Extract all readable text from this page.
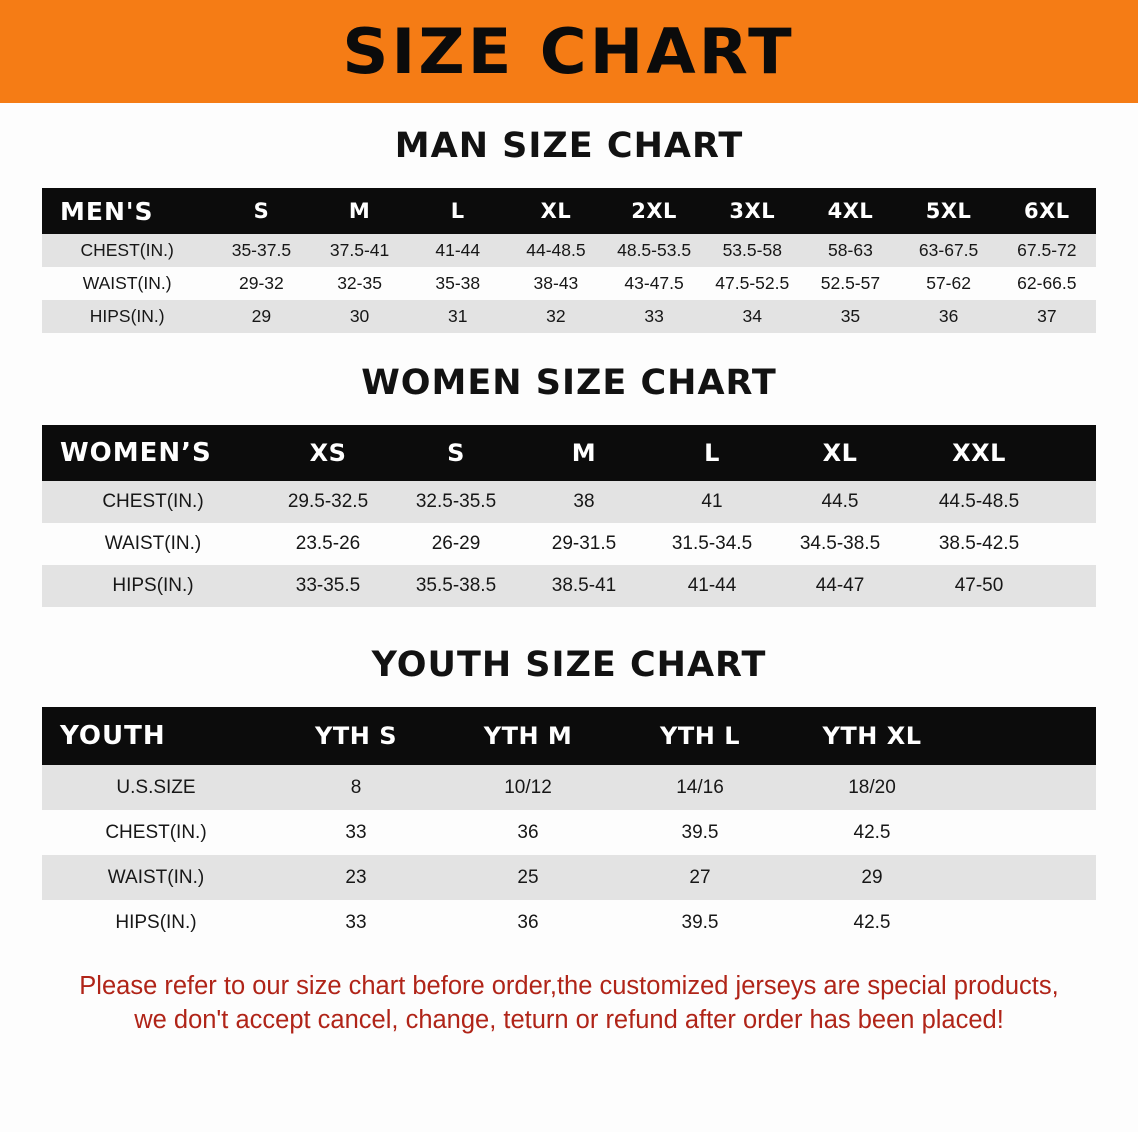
SIZE CHART
MAN SIZE CHART
MEN'S	S	M	L	XL	2XL	3XL	4XL	5XL	6XL
CHEST(IN.)	35-37.5	37.5-41	41-44	44-48.5	48.5-53.5	53.5-58	58-63	63-67.5	67.5-72
WAIST(IN.)	29-32	32-35	35-38	38-43	43-47.5	47.5-52.5	52.5-57	57-62	62-66.5
HIPS(IN.)	29	30	31	32	33	34	35	36	37
WOMEN SIZE CHART
WOMEN’S	XS	S	M	L	XL	XXL	
CHEST(IN.)	29.5-32.5	32.5-35.5	38	41	44.5	44.5-48.5	
WAIST(IN.)	23.5-26	26-29	29-31.5	31.5-34.5	34.5-38.5	38.5-42.5	
HIPS(IN.)	33-35.5	35.5-38.5	38.5-41	41-44	44-47	47-50	
YOUTH SIZE CHART
YOUTH	YTH S	YTH M	YTH L	YTH XL	
U.S.SIZE	8	10/12	14/16	18/20	
CHEST(IN.)	33	36	39.5	42.5	
WAIST(IN.)	23	25	27	29	
HIPS(IN.)	33	36	39.5	42.5	
Please refer to our size chart before order,the customized jerseys are special products,
we don't accept cancel, change, teturn or refund after order has been placed!
